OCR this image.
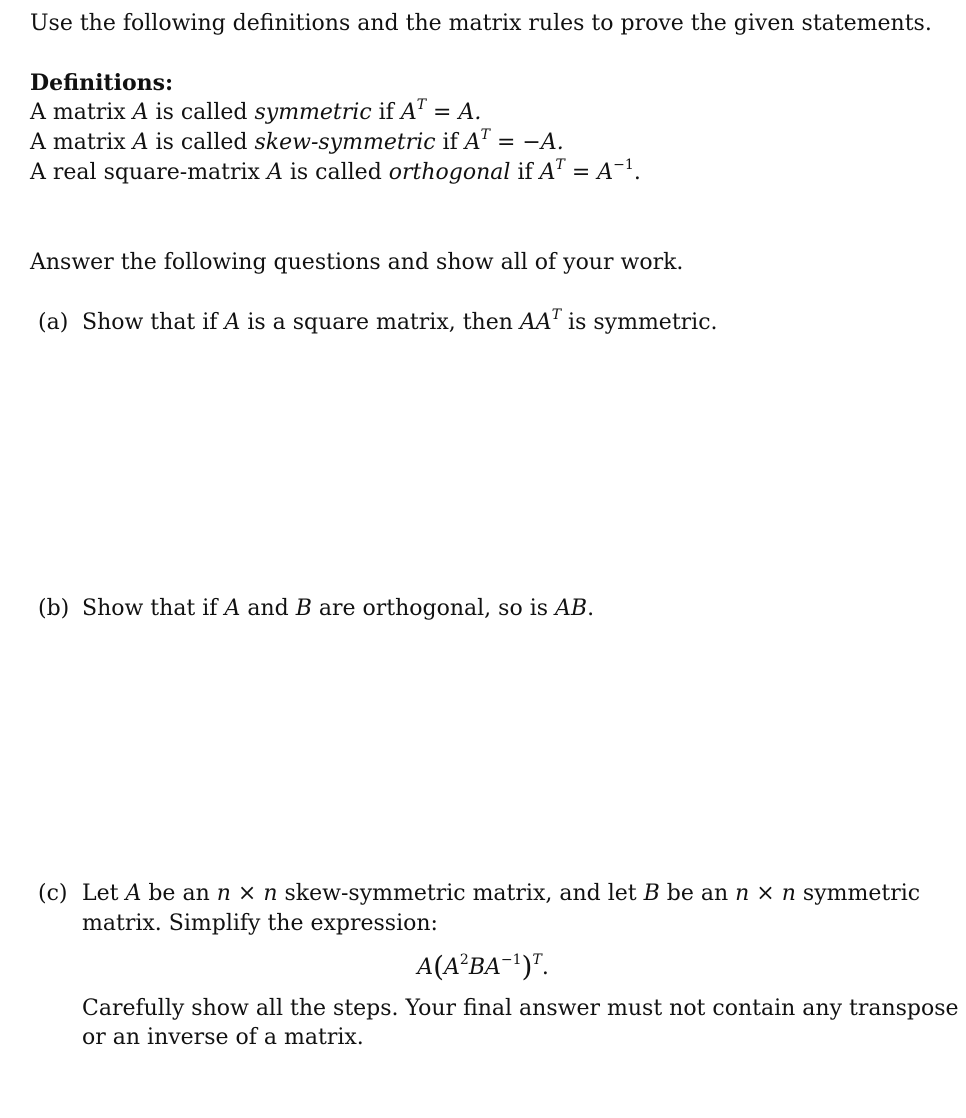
Use the following definitions and the matrix rules to prove the given statements.
Definitions:
A matrix A is called symmetric if $A^T = A$.
A matrix A is called skew-symmetric if $A^T = -A$.
A real square-matrix A is called orthogonal if $A^T = A^{-1}$.
Answer the following questions and show all of your work.
(a) Show that if A is a square matrix, then $AA^T$ is symmetric.
(b) Show that if A and B are orthogonal, so is AB.
(c) Let A be an n × n skew-symmetric matrix, and let B be an n × n symmetric
matrix. Simplify the expression:
$A(A^2BA^{-1})^T$.
Carefully show all the steps. Your final answer must not contain any transpose
or an inverse of a matrix.
